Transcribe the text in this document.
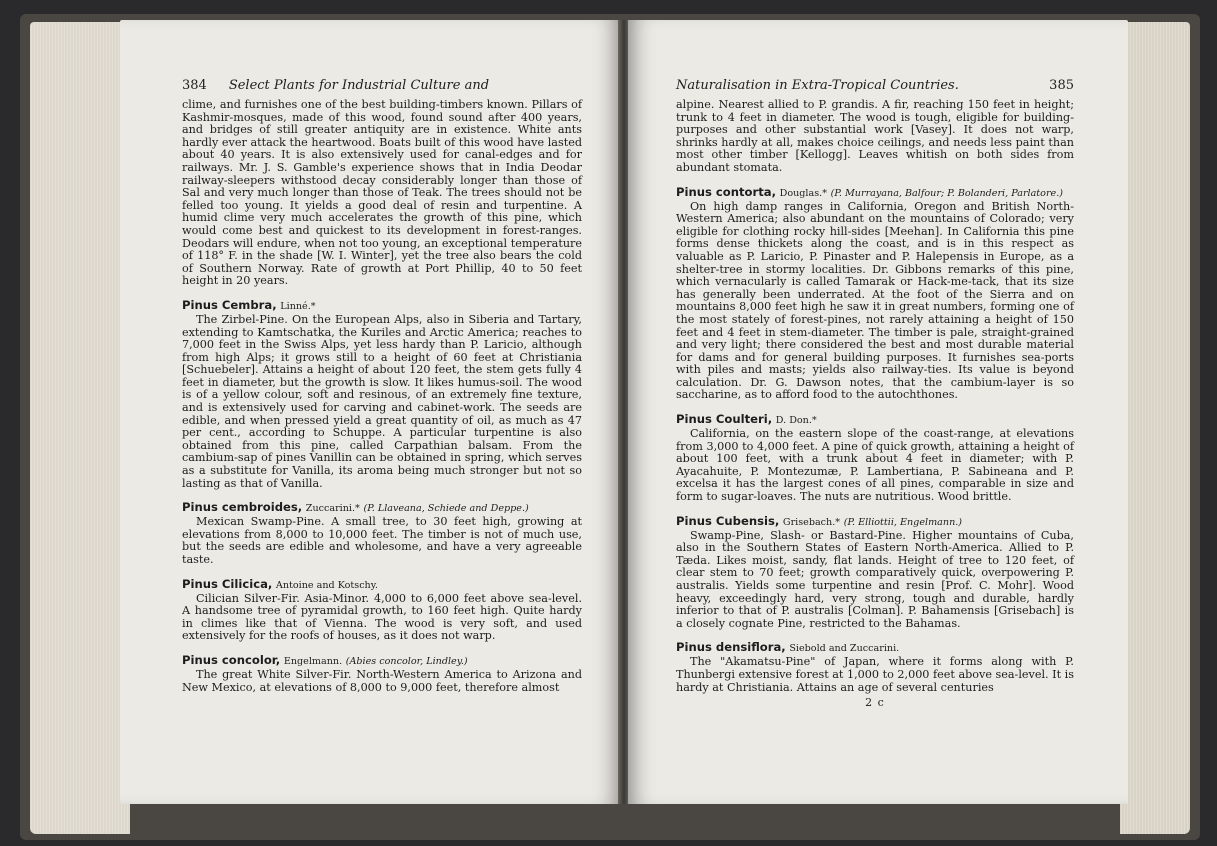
384 Select Plants for Industrial Culture and

clime, and furnishes one of the best building-timbers known. Pillars of Kashmir-mosques, made of this wood, found sound after 400 years, and bridges of still greater antiquity are in existence. White ants hardly ever attack the heartwood. Boats built of this wood have lasted about 40 years. It is also extensively used for canal-edges and for railways. Mr. J. S. Gamble's experience shows that in India Deodar railway-sleepers withstood decay considerably longer than those of Sal and very much longer than those of Teak. The trees should not be felled too young. It yields a good deal of resin and turpentine. A humid clime very much accelerates the growth of this pine, which would come best and quickest to its development in forest-ranges. Deodars will endure, when not too young, an exceptional temperature of 118° F. in the shade [W. I. Winter], yet the tree also bears the cold of Southern Norway. Rate of growth at Port Phillip, 40 to 50 feet height in 20 years.

Pinus Cembra, Linné.*

The Zirbel-Pine. On the European Alps, also in Siberia and Tartary, extending to Kamtschatka, the Kuriles and Arctic America; reaches to 7,000 feet in the Swiss Alps, yet less hardy than P. Laricio, although from high Alps; it grows still to a height of 60 feet at Christiania [Schuebeler]. Attains a height of about 120 feet, the stem gets fully 4 feet in diameter, but the growth is slow. It likes humus-soil. The wood is of a yellow colour, soft and resinous, of an extremely fine texture, and is extensively used for carving and cabinet-work. The seeds are edible, and when pressed yield a great quantity of oil, as much as 47 per cent., according to Schuppe. A particular turpentine is also obtained from this pine, called Carpathian balsam. From the cambium-sap of pines Vanillin can be obtained in spring, which serves as a substitute for Vanilla, its aroma being much stronger but not so lasting as that of Vanilla.

Pinus cembroides, Zuccarini.* (P. Llaveana, Schiede and Deppe.)

Mexican Swamp-Pine. A small tree, to 30 feet high, growing at elevations from 8,000 to 10,000 feet. The timber is not of much use, but the seeds are edible and wholesome, and have a very agreeable taste.

Pinus Cilicica, Antoine and Kotschy.

Cilician Silver-Fir. Asia-Minor. 4,000 to 6,000 feet above sea-level. A handsome tree of pyramidal growth, to 160 feet high. Quite hardy in climes like that of Vienna. The wood is very soft, and used extensively for the roofs of houses, as it does not warp.

Pinus concolor, Engelmann. (Abies concolor, Lindley.)

The great White Silver-Fir. North-Western America to Arizona and New Mexico, at elevations of 8,000 to 9,000 feet, therefore almost

Naturalisation in Extra-Tropical Countries.	385

alpine. Nearest allied to P. grandis. A fir, reaching 150 feet in height; trunk to 4 feet in diameter. The wood is tough, eligible for building-purposes and other substantial work [Vasey]. It does not warp, shrinks hardly at all, makes choice ceilings, and needs less paint than most other timber [Kellogg]. Leaves whitish on both sides from abundant stomata.

Pinus contorta, Douglas.* (P. Murrayana, Balfour; P. Bolanderi, Parlatore.)

On high damp ranges in California, Oregon and British North-Western America; also abundant on the mountains of Colorado; very eligible for clothing rocky hill-sides [Meehan]. In California this pine forms dense thickets along the coast, and is in this respect as valuable as P. Laricio, P. Pinaster and P. Halepensis in Europe, as a shelter-tree in stormy localities. Dr. Gibbons remarks of this pine, which vernacularly is called Tamarak or Hack-me-tack, that its size has generally been underrated. At the foot of the Sierra and on mountains 8,000 feet high he saw it in great numbers, forming one of the most stately of forest-pines, not rarely attaining a height of 150 feet and 4 feet in stem-diameter. The timber is pale, straight-grained and very light; there considered the best and most durable material for dams and for general building purposes. It furnishes sea-ports with piles and masts; yields also railway-ties. Its value is beyond calculation. Dr. G. Dawson notes, that the cambium-layer is so saccharine, as to afford food to the autochthones.

Pinus Coulteri, D. Don.*

California, on the eastern slope of the coast-range, at elevations from 3,000 to 4,000 feet. A pine of quick growth, attaining a height of about 100 feet, with a trunk about 4 feet in diameter; with P. Ayacahuite, P. Montezumæ, P. Lambertiana, P. Sabineana and P. excelsa it has the largest cones of all pines, comparable in size and form to sugar-loaves. The nuts are nutritious. Wood brittle.

Pinus Cubensis, Grisebach.* (P. Elliottii, Engelmann.)

Swamp-Pine, Slash- or Bastard-Pine. Higher mountains of Cuba, also in the Southern States of Eastern North-America. Allied to P. Tæda. Likes moist, sandy, flat lands. Height of tree to 120 feet, of clear stem to 70 feet; growth comparatively quick, overpowering P. australis. Yields some turpentine and resin [Prof. C. Mohr]. Wood heavy, exceedingly hard, very strong, tough and durable, hardly inferior to that of P. australis [Colman]. P. Bahamensis [Grisebach] is a closely cognate Pine, restricted to the Bahamas.

Pinus densiflora, Siebold and Zuccarini.

The "Akamatsu-Pine" of Japan, where it forms along with P. Thunbergi extensive forest at 1,000 to 2,000 feet above sea-level. It is hardy at Christiania. Attains an age of several centuries

2 c
